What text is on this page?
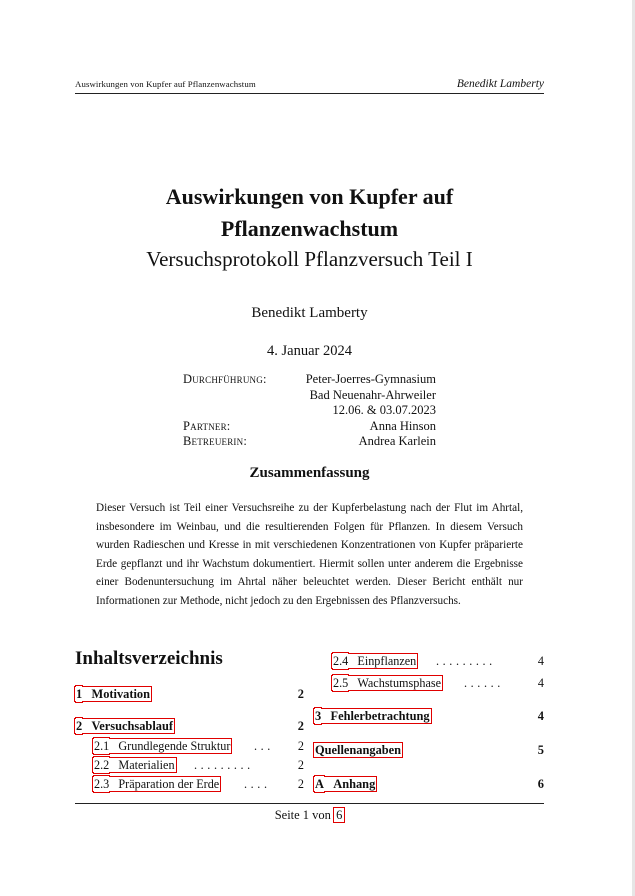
Auswirkungen von Kupfer auf Pflanzenwachstum	Benedikt Lamberty
Auswirkungen von Kupfer auf
Pflanzenwachstum
Versuchsprotokoll Pflanzversuch Teil I
Benedikt Lamberty
4. Januar 2024
Durchführung:	Peter-Joerres-Gymnasium
Bad Neuenahr-Ahrweiler
12.06. & 03.07.2023
Partner:	Anna Hinson
Betreuerin:	Andrea Karlein
Zusammenfassung
Dieser Versuch ist Teil einer Versuchsreihe zu der Kupferbelastung nach der Flut im Ahrtal, insbesondere im Weinbau, und die resultierenden Folgen für Pflanzen. In diesem Versuch wurden Radieschen und Kresse in mit verschiedenen Konzentrationen von Kupfer präparierte Erde gepflanzt und ihr Wachstum dokumentiert. Hiermit sollen unter anderem die Ergebnisse einer Bodenuntersuchung im Ahrtal näher beleuchtet werden. Dieser Bericht enthält nur Informationen zur Methode, nicht jedoch zu den Ergebnissen des Pflanzversuchs.
Inhaltsverzeichnis
1 Motivation	2
2 Versuchsablauf	2
2.1 Grundlegende Struktur ... 2
2.2 Materialien .........	2
2.3 Präparation der Erde .... 2
2.4 Einpflanzen .........	4
2.5 Wachstumsphase ......	4
3 Fehlerbetrachtung	4
Quellenangaben	5
A Anhang	6
Seite 1 von 6
